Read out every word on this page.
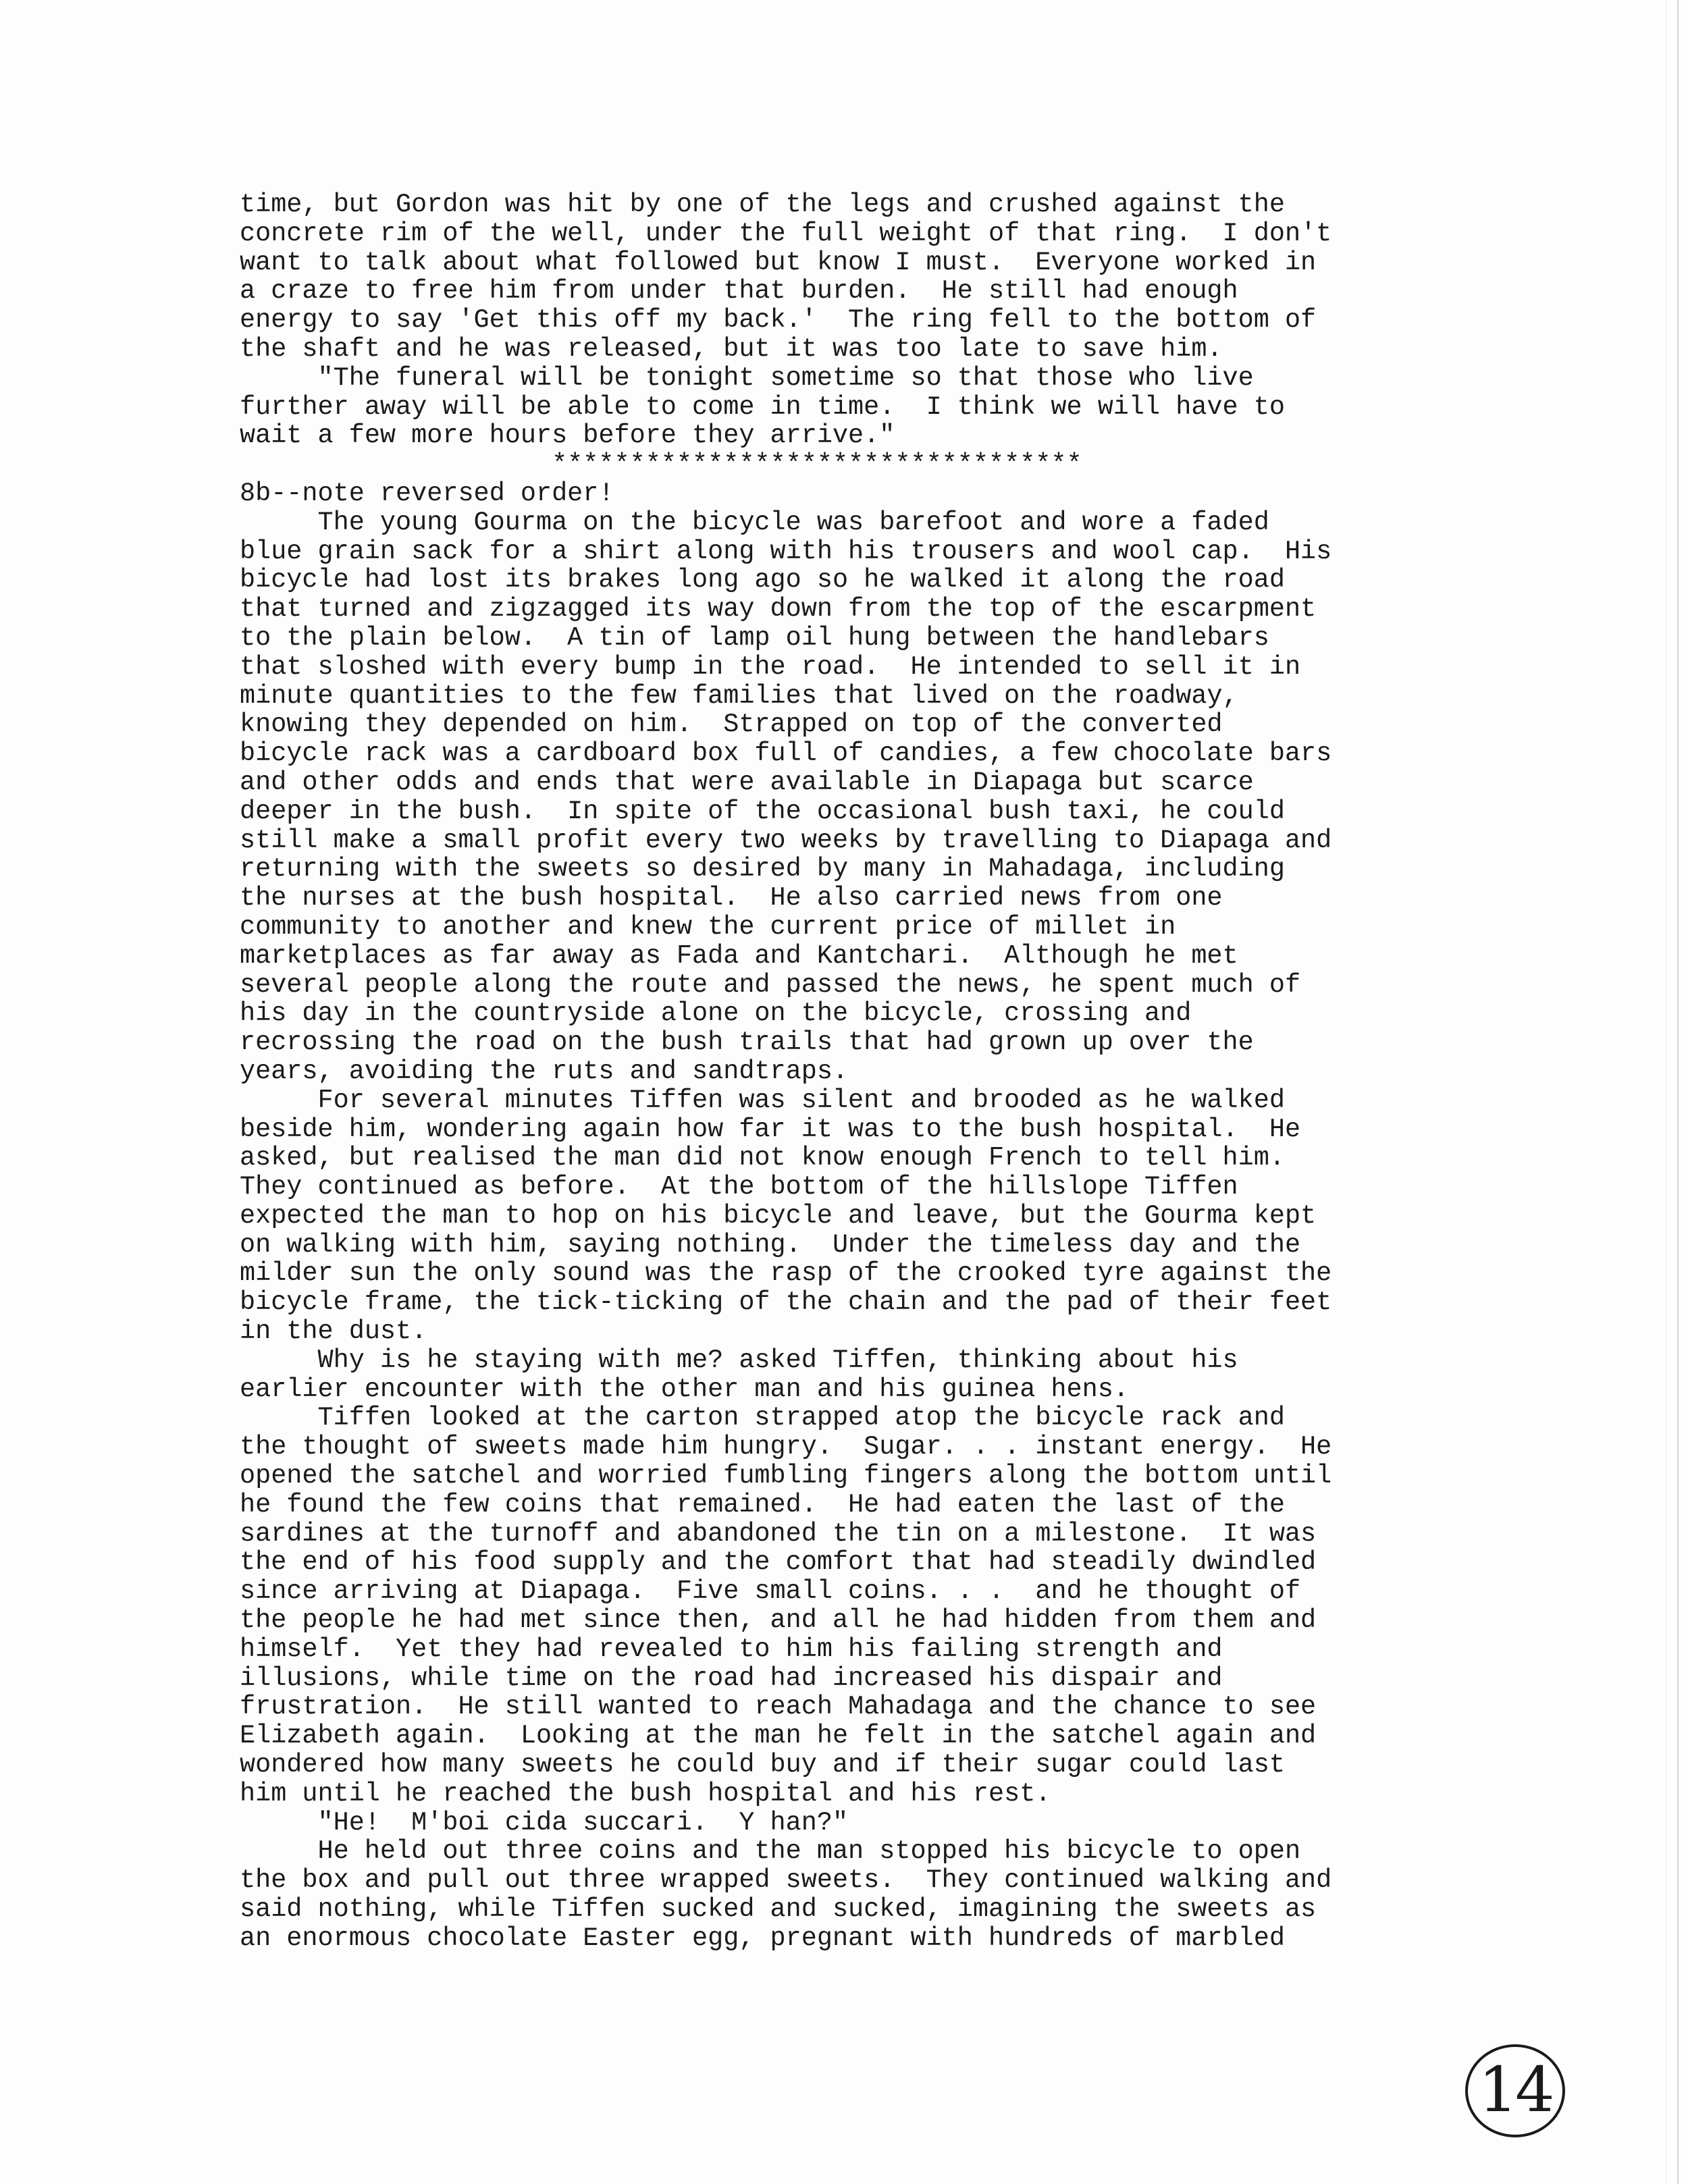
time, but Gordon was hit by one of the legs and crushed against the
concrete rim of the well, under the full weight of that ring.  I don't
want to talk about what followed but know I must.  Everyone worked in
a craze to free him from under that burden.  He still had enough
energy to say 'Get this off my back.'  The ring fell to the bottom of
the shaft and he was released, but it was too late to save him.
"The funeral will be tonight sometime so that those who live
further away will be able to come in time.  I think we will have to
wait a few more hours before they arrive."
**********************************
8b--note reversed order!
The young Gourma on the bicycle was barefoot and wore a faded
blue grain sack for a shirt along with his trousers and wool cap.  His
bicycle had lost its brakes long ago so he walked it along the road
that turned and zigzagged its way down from the top of the escarpment
to the plain below.  A tin of lamp oil hung between the handlebars
that sloshed with every bump in the road.  He intended to sell it in
minute quantities to the few families that lived on the roadway,
knowing they depended on him.  Strapped on top of the converted
bicycle rack was a cardboard box full of candies, a few chocolate bars
and other odds and ends that were available in Diapaga but scarce
deeper in the bush.  In spite of the occasional bush taxi, he could
still make a small profit every two weeks by travelling to Diapaga and
returning with the sweets so desired by many in Mahadaga, including
the nurses at the bush hospital.  He also carried news from one
community to another and knew the current price of millet in
marketplaces as far away as Fada and Kantchari.  Although he met
several people along the route and passed the news, he spent much of
his day in the countryside alone on the bicycle, crossing and
recrossing the road on the bush trails that had grown up over the
years, avoiding the ruts and sandtraps.
For several minutes Tiffen was silent and brooded as he walked
beside him, wondering again how far it was to the bush hospital.  He
asked, but realised the man did not know enough French to tell him.
They continued as before.  At the bottom of the hillslope Tiffen
expected the man to hop on his bicycle and leave, but the Gourma kept
on walking with him, saying nothing.  Under the timeless day and the
milder sun the only sound was the rasp of the crooked tyre against the
bicycle frame, the tick-ticking of the chain and the pad of their feet
in the dust.
Why is he staying with me? asked Tiffen, thinking about his
earlier encounter with the other man and his guinea hens.
Tiffen looked at the carton strapped atop the bicycle rack and
the thought of sweets made him hungry.  Sugar. . . instant energy.  He
opened the satchel and worried fumbling fingers along the bottom until
he found the few coins that remained.  He had eaten the last of the
sardines at the turnoff and abandoned the tin on a milestone.  It was
the end of his food supply and the comfort that had steadily dwindled
since arriving at Diapaga.  Five small coins. . .  and he thought of
the people he had met since then, and all he had hidden from them and
himself.  Yet they had revealed to him his failing strength and
illusions, while time on the road had increased his dispair and
frustration.  He still wanted to reach Mahadaga and the chance to see
Elizabeth again.  Looking at the man he felt in the satchel again and
wondered how many sweets he could buy and if their sugar could last
him until he reached the bush hospital and his rest.
"He!  M'boi cida succari.  Y han?"
He held out three coins and the man stopped his bicycle to open
the box and pull out three wrapped sweets.  They continued walking and
said nothing, while Tiffen sucked and sucked, imagining the sweets as
an enormous chocolate Easter egg, pregnant with hundreds of marbled
14
